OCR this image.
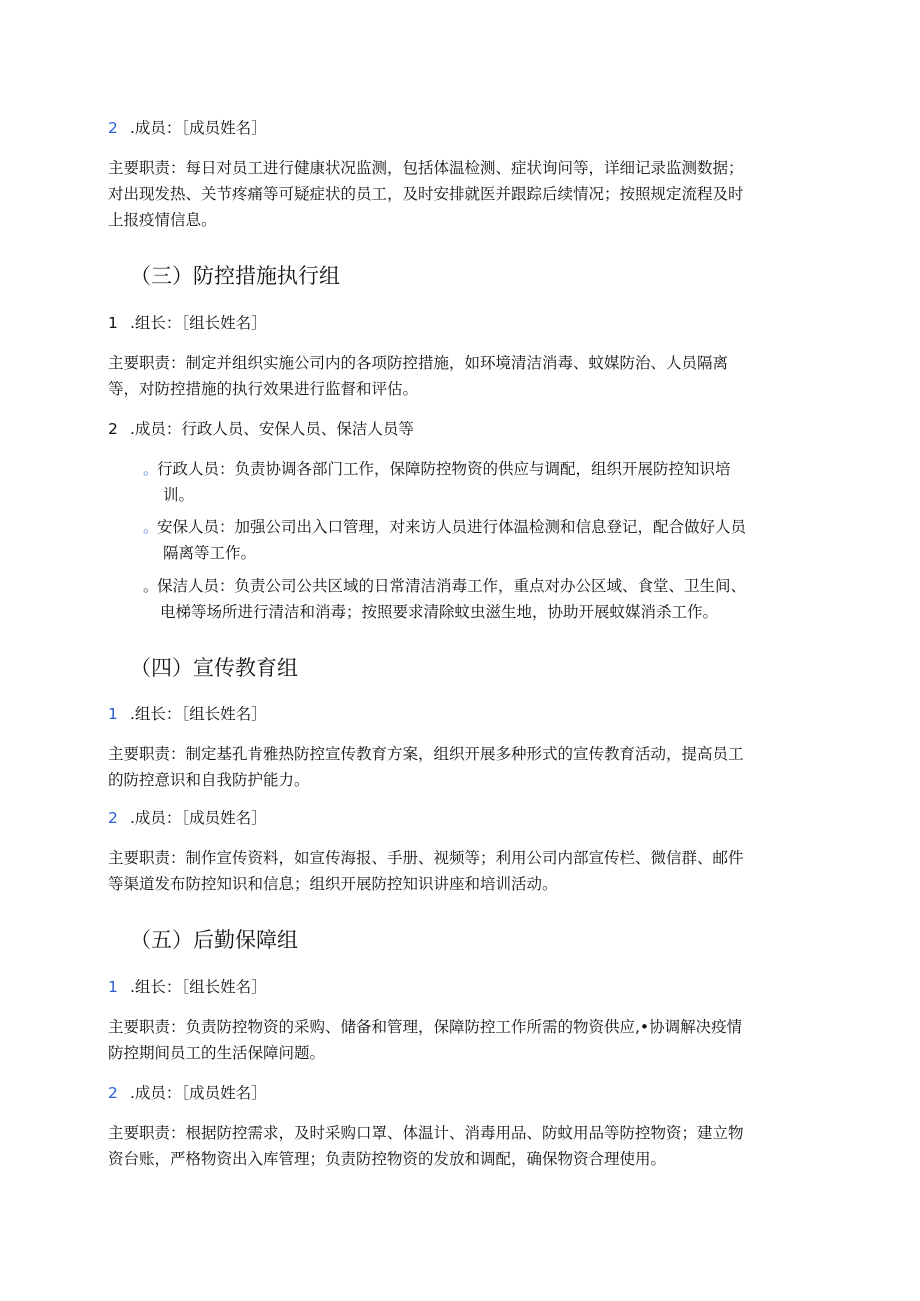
2 .成员：［成员姓名］
主要职责：每日对员工进行健康状况监测，包括体温检测、症状询问等，详细记录监测数据；
对出现发热、关节疼痛等可疑症状的员工，及时安排就医并跟踪后续情况；按照规定流程及时
上报疫情信息。
（三）防控措施执行组
1 .组长：［组长姓名］
主要职责：制定并组织实施公司内的各项防控措施，如环境清洁消毒、蚊媒防治、人员隔离
等，对防控措施的执行效果进行监督和评估。
2 .成员：行政人员、安保人员、保洁人员等
。行政人员：负责协调各部门工作，保障防控物资的供应与调配，组织开展防控知识培
训。
。安保人员：加强公司出入口管理，对来访人员进行体温检测和信息登记，配合做好人员
隔离等工作。
。保洁人员：负责公司公共区域的日常清洁消毒工作，重点对办公区域、食堂、卫生间、
电梯等场所进行清洁和消毒；按照要求清除蚊虫滋生地，协助开展蚊媒消杀工作。
（四）宣传教育组
1 .组长：［组长姓名］
主要职责：制定基孔肯雅热防控宣传教育方案，组织开展多种形式的宣传教育活动，提高员工
的防控意识和自我防护能力。
2 .成员：［成员姓名］
主要职责：制作宣传资料，如宣传海报、手册、视频等；利用公司内部宣传栏、微信群、邮件
等渠道发布防控知识和信息；组织开展防控知识讲座和培训活动。
（五）后勤保障组
1 .组长：［组长姓名］
主要职责：负责防控物资的采购、储备和管理，保障防控工作所需的物资供应,•协调解决疫情
防控期间员工的生活保障问题。
2 .成员：［成员姓名］
主要职责：根据防控需求，及时采购口罩、体温计、消毒用品、防蚊用品等防控物资；建立物
资台账，严格物资出入库管理；负责防控物资的发放和调配，确保物资合理使用。
